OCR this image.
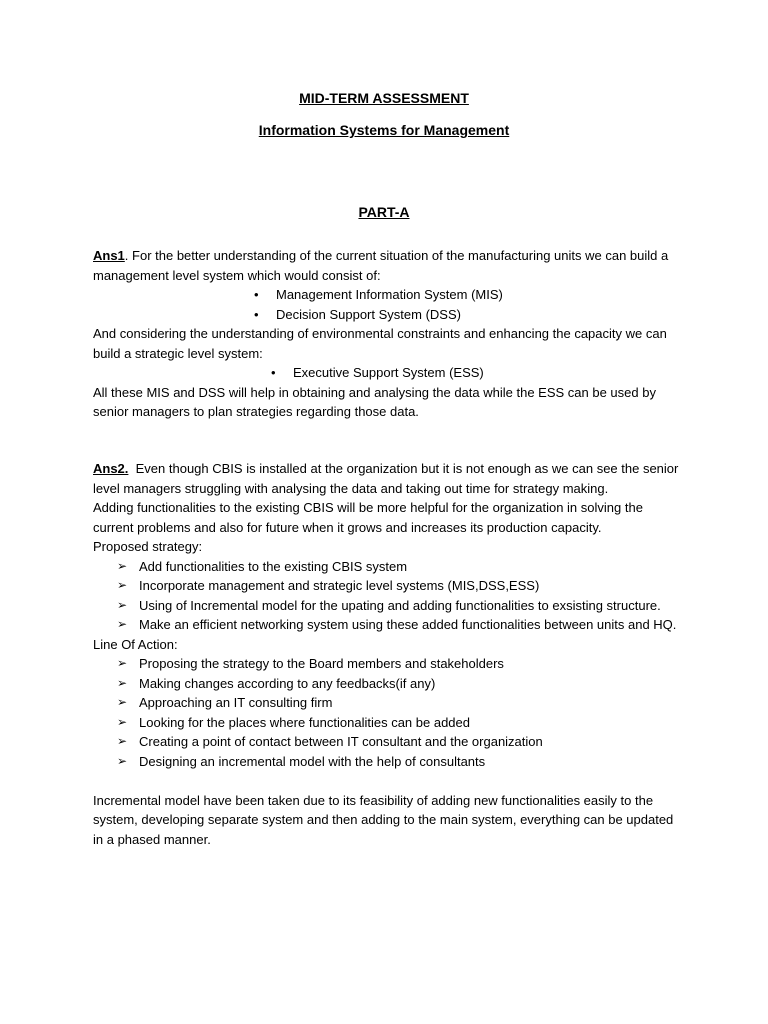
MID-TERM ASSESSMENT
Information Systems for Management
PART-A

Ans1. For the better understanding of the current situation of the manufacturing units we can build a management level system which would consist of:

• Management Information System (MIS)
• Decision Support System (DSS)

And considering the understanding of environmental constraints and enhancing the capacity we can build a strategic level system:

• Executive Support System (ESS)

All these MIS and DSS will help in obtaining and analysing the data while the ESS can be used by senior managers to plan strategies regarding those data.

Ans2.  Even though CBIS is installed at the organization but it is not enough as we can see the senior level managers struggling with analysing the data and taking out time for strategy making.

Adding functionalities to the existing CBIS will be more helpful for the organization in solving the current problems and also for future when it grows and increases its production capacity.

Proposed strategy:

➢ Add functionalities to the existing CBIS system
➢ Incorporate management and strategic level systems (MIS,DSS,ESS)
➢ Using of Incremental model for the upating and adding functionalities to exsisting structure.
➢ Make an efficient networking system using these added functionalities between units and HQ.

Line Of Action:

➢ Proposing the strategy to the Board members and stakeholders
➢ Making changes according to any feedbacks(if any)
➢ Approaching an IT consulting firm
➢ Looking for the places where functionalities can be added
➢ Creating a point of contact between IT consultant and the organization
➢ Designing an incremental model with the help of consultants

Incremental model have been taken due to its feasibility of adding new functionalities easily to the system, developing separate system and then adding to the main system, everything can be updated in a phased manner.
